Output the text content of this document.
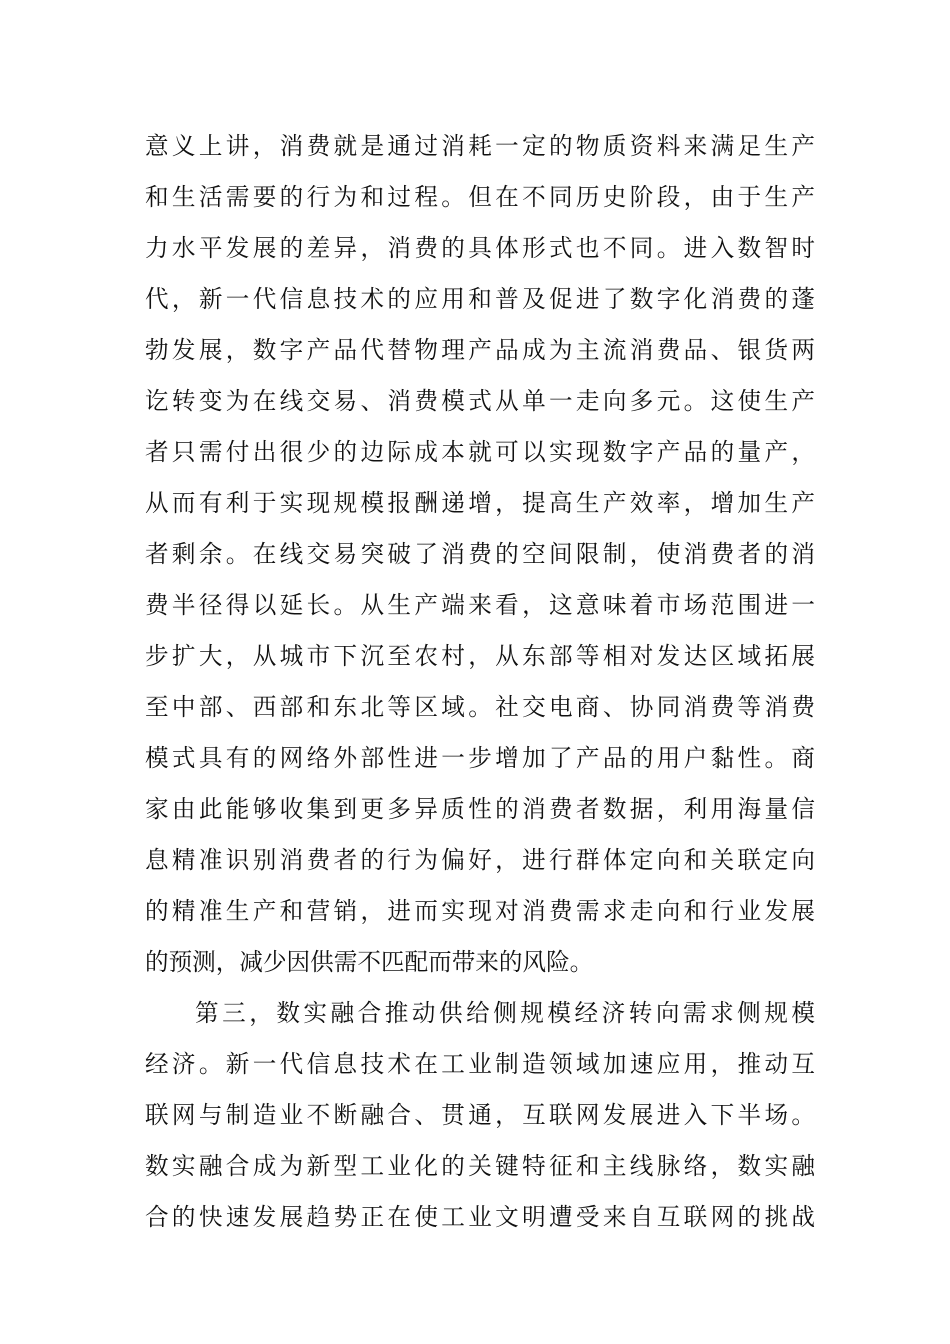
意义上讲，消费就是通过消耗一定的物质资料来满足生产
和生活需要的行为和过程。但在不同历史阶段，由于生产
力水平发展的差异，消费的具体形式也不同。进入数智时
代，新一代信息技术的应用和普及促进了数字化消费的蓬
勃发展，数字产品代替物理产品成为主流消费品、银货两
讫转变为在线交易、消费模式从单一走向多元。这使生产
者只需付出很少的边际成本就可以实现数字产品的量产，
从而有利于实现规模报酬递增，提高生产效率，增加生产
者剩余。在线交易突破了消费的空间限制，使消费者的消
费半径得以延长。从生产端来看，这意味着市场范围进一
步扩大，从城市下沉至农村，从东部等相对发达区域拓展
至中部、西部和东北等区域。社交电商、协同消费等消费
模式具有的网络外部性进一步增加了产品的用户黏性。商
家由此能够收集到更多异质性的消费者数据，利用海量信
息精准识别消费者的行为偏好，进行群体定向和关联定向
的精准生产和营销，进而实现对消费需求走向和行业发展
的预测，减少因供需不匹配而带来的风险。
第三，数实融合推动供给侧规模经济转向需求侧规模
经济。新一代信息技术在工业制造领域加速应用，推动互
联网与制造业不断融合、贯通，互联网发展进入下半场。
数实融合成为新型工业化的关键特征和主线脉络，数实融
合的快速发展趋势正在使工业文明遭受来自互联网的挑战
